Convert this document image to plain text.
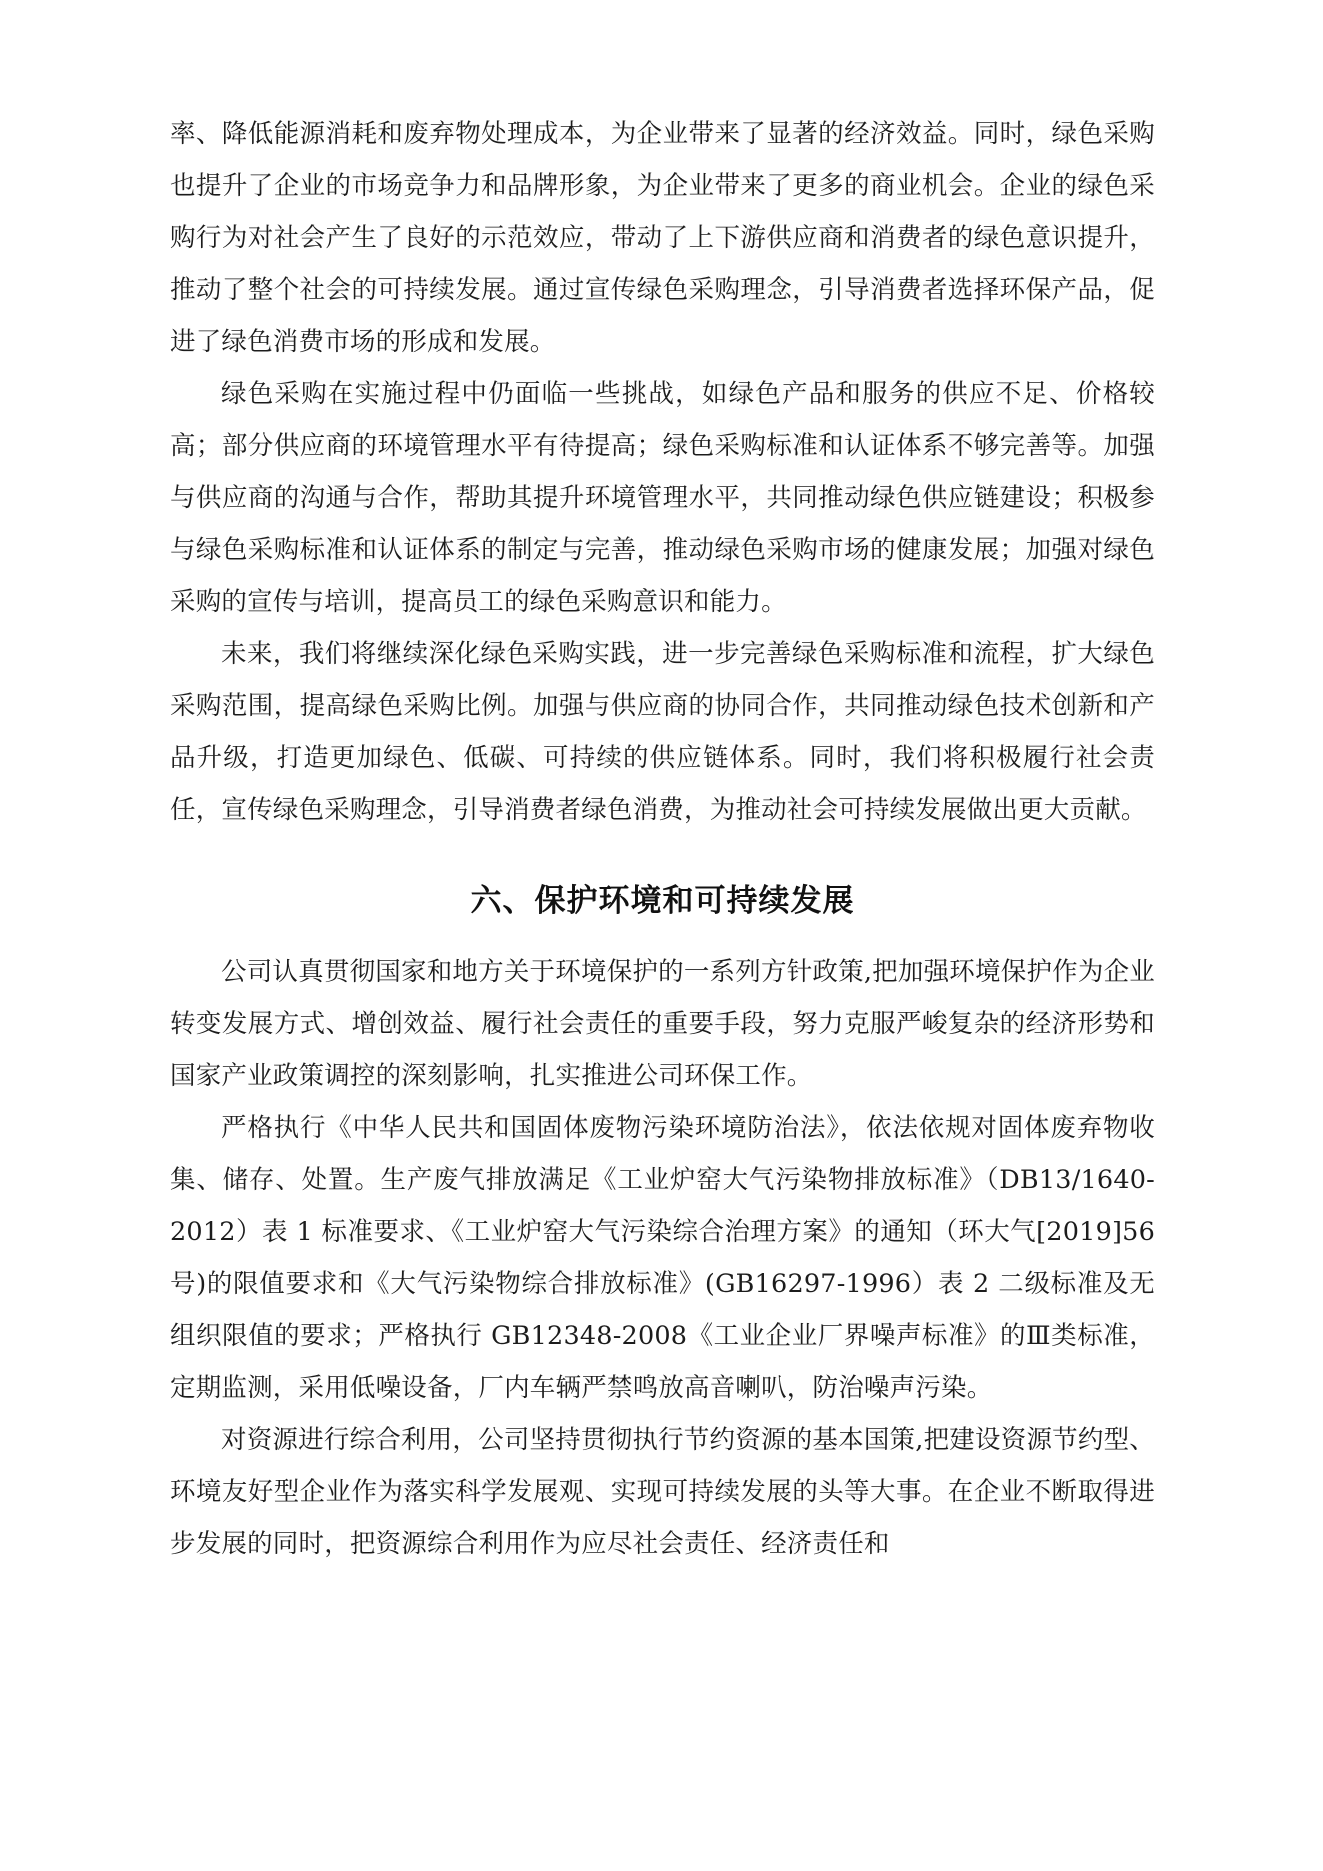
率、降低能源消耗和废弃物处理成本，为企业带来了显著的经济效益。同时，绿色采购也提升了企业的市场竞争力和品牌形象，为企业带来了更多的商业机会。企业的绿色采购行为对社会产生了良好的示范效应，带动了上下游供应商和消费者的绿色意识提升，推动了整个社会的可持续发展。通过宣传绿色采购理念，引导消费者选择环保产品，促进了绿色消费市场的形成和发展。

绿色采购在实施过程中仍面临一些挑战，如绿色产品和服务的供应不足、价格较高；部分供应商的环境管理水平有待提高；绿色采购标准和认证体系不够完善等。加强与供应商的沟通与合作，帮助其提升环境管理水平，共同推动绿色供应链建设；积极参与绿色采购标准和认证体系的制定与完善，推动绿色采购市场的健康发展；加强对绿色采购的宣传与培训，提高员工的绿色采购意识和能力。

未来，我们将继续深化绿色采购实践，进一步完善绿色采购标准和流程，扩大绿色采购范围，提高绿色采购比例。加强与供应商的协同合作，共同推动绿色技术创新和产品升级，打造更加绿色、低碳、可持续的供应链体系。同时，我们将积极履行社会责任，宣传绿色采购理念，引导消费者绿色消费，为推动社会可持续发展做出更大贡献。

六、保护环境和可持续发展

公司认真贯彻国家和地方关于环境保护的一系列方针政策,把加强环境保护作为企业转变发展方式、增创效益、履行社会责任的重要手段，努力克服严峻复杂的经济形势和国家产业政策调控的深刻影响，扎实推进公司环保工作。

严格执行《中华人民共和国固体废物污染环境防治法》，依法依规对固体废弃物收集、储存、处置。生产废气排放满足《工业炉窑大气污染物排放标准》（DB13/1640-2012）表 1 标准要求、《工业炉窑大气污染综合治理方案》的通知（环大气[2019]56 号)的限值要求和《大气污染物综合排放标准》(GB16297-1996）表 2 二级标准及无组织限值的要求；严格执行 GB12348-2008《工业企业厂界噪声标准》的Ⅲ类标准，定期监测，采用低噪设备，厂内车辆严禁鸣放高音喇叭，防治噪声污染。

对资源进行综合利用，公司坚持贯彻执行节约资源的基本国策,把建设资源节约型、环境友好型企业作为落实科学发展观、实现可持续发展的头等大事。在企业不断取得进步发展的同时，把资源综合利用作为应尽社会责任、经济责任和
